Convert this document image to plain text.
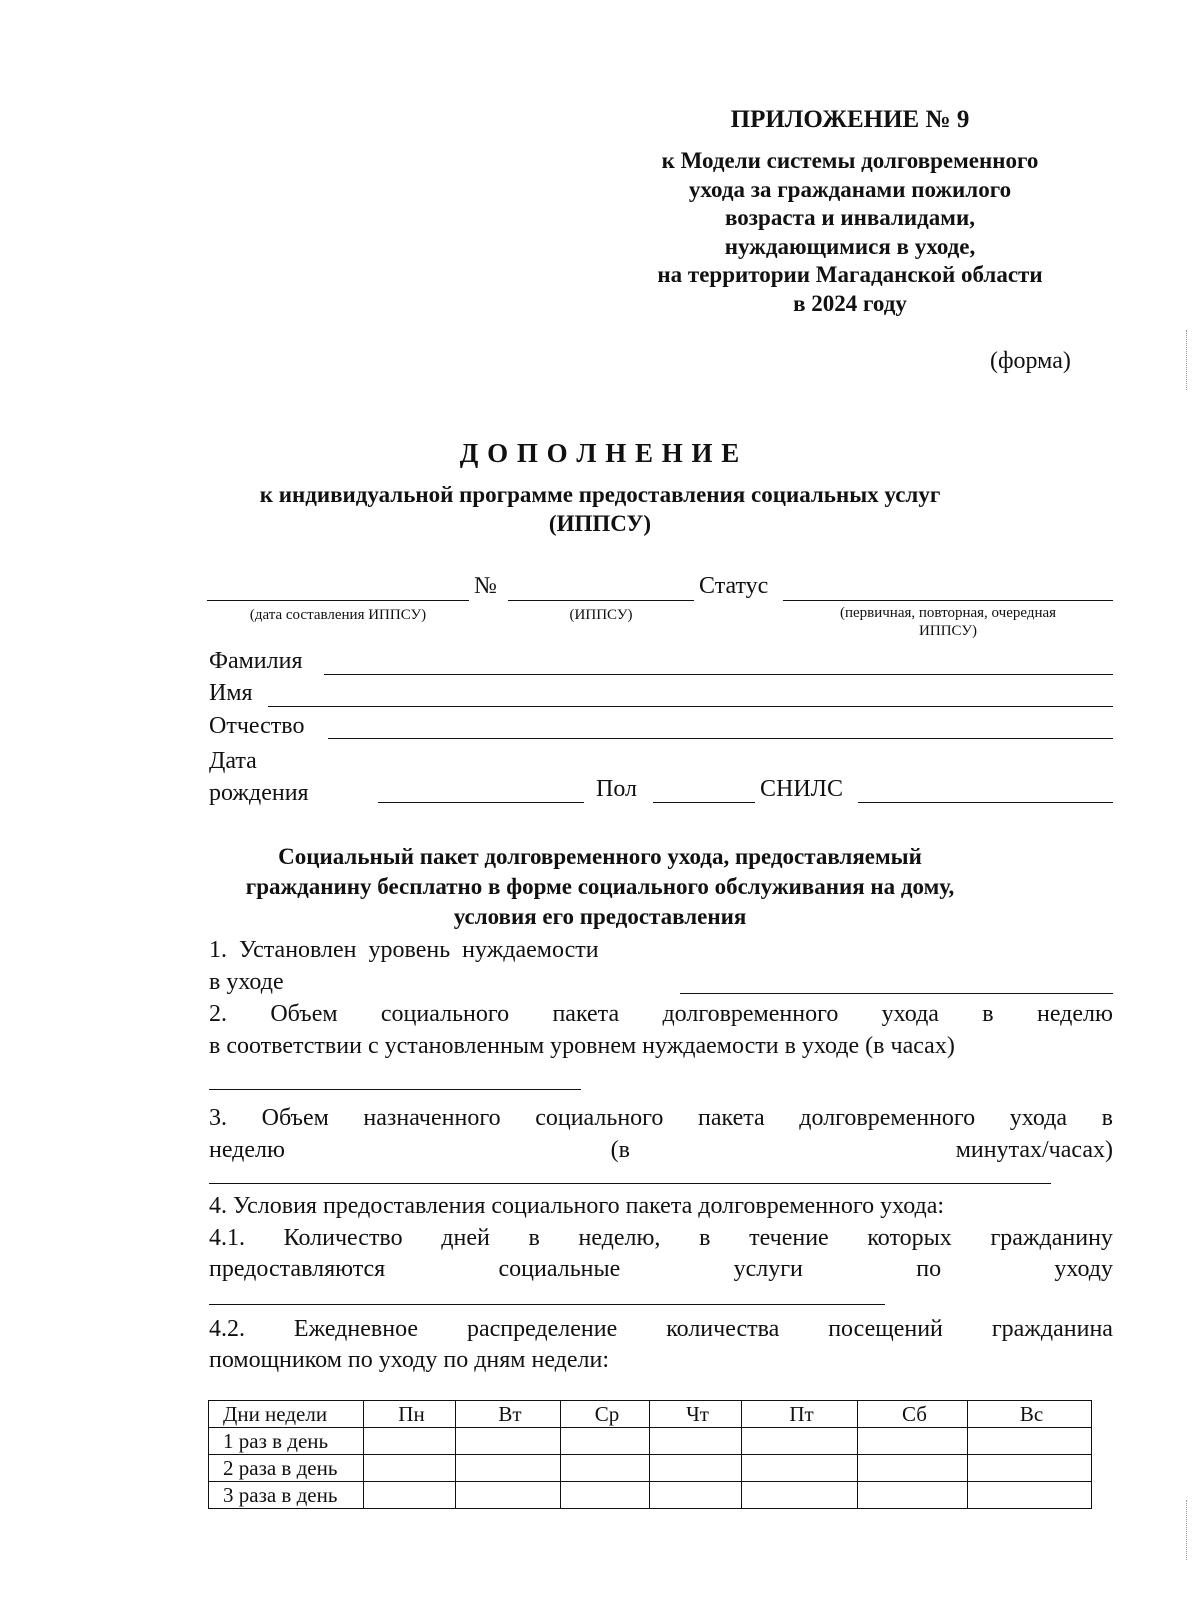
ПРИЛОЖЕНИЕ № 9
к Модели системы долговременного
ухода за гражданами пожилого
возраста и инвалидами,
нуждающимися в уходе,
на территории Магаданской области
в 2024 году
(форма)
Д О П О Л Н Е Н И Е
к индивидуальной программе предоставления социальных услуг
(ИППСУ)
№	Статус
(дата составления ИППСУ)	(ИППСУ)	(первичная, повторная, очередная
ИППСУ)
Фамилия
Имя
Отчество
Дата
рождения	Пол	СНИЛС
Социальный пакет долговременного ухода, предоставляемый
гражданину бесплатно в форме социального обслуживания на дому,
условия его предоставления
1.  Установлен  уровень  нуждаемости
в уходе
2. Объем социального пакета долговременного ухода в неделю
в соответствии с установленным уровнем нуждаемости в уходе (в часах)
3. Объем назначенного социального пакета долговременного ухода в
неделю	(в	минутах/часах)
4. Условия предоставления социального пакета долговременного ухода:
4.1. Количество дней в неделю, в течение которых гражданину
предоставляются	социальные	услуги	по	уходу
4.2. Ежедневное распределение количества посещений гражданина
помощником по уходу по дням недели:
Дни недели	Пн	Вт	Ср	Чт	Пт	Сб	Вс
1 раз в день							
2 раза в день							
3 раза в день							
